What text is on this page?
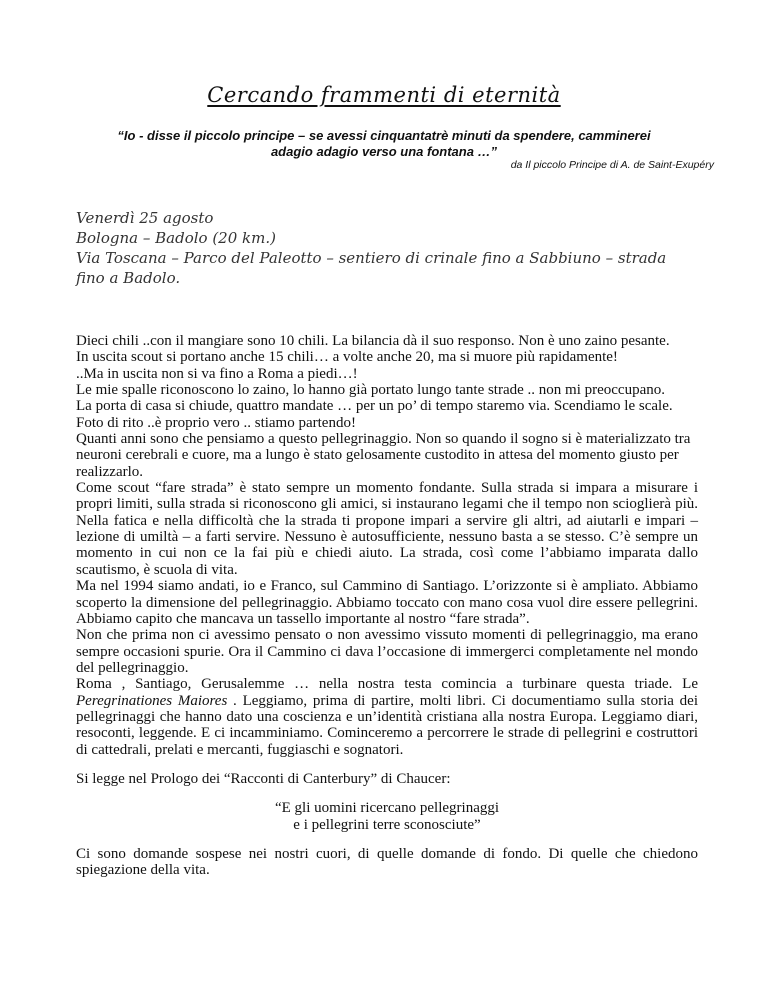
Cercando frammenti di eternità
“Io - disse il piccolo principe – se avessi cinquantatrè minuti da spendere, camminerei
adagio adagio verso una fontana …”
da Il piccolo Principe di A. de Saint-Exupéry
Venerdì 25 agosto
Bologna – Badolo (20 km.)
Via Toscana – Parco del Paleotto – sentiero di crinale fino a Sabbiuno – strada
fino a Badolo.

Dieci chili ..con il mangiare sono 10 chili. La bilancia dà il suo responso. Non è uno zaino pesante.

In uscita scout si portano anche 15 chili… a volte anche 20, ma si muore più rapidamente!

..Ma in uscita non si va fino a Roma a piedi…!

Le mie spalle riconoscono lo zaino, lo hanno già portato lungo tante strade .. non mi preoccupano.

La porta di casa si chiude, quattro mandate … per un po’ di tempo staremo via. Scendiamo le scale.

Foto di rito ..è proprio vero .. stiamo partendo!

Quanti anni sono che pensiamo a questo pellegrinaggio. Non so quando il sogno si è materializzato tra neuroni cerebrali e cuore, ma a lungo è stato gelosamente custodito in attesa del momento giusto per realizzarlo.

Come scout “fare strada” è stato sempre un momento fondante. Sulla strada si impara a misurare i propri limiti, sulla strada si riconoscono gli amici, si instaurano legami che il tempo non scioglierà più. Nella fatica e nella difficoltà che la strada ti propone impari a servire gli altri, ad aiutarli e impari –lezione di umiltà – a farti servire. Nessuno è autosufficiente, nessuno basta a se stesso. C’è sempre un momento in cui non ce la fai più e chiedi aiuto. La strada, così come l’abbiamo imparata dallo scautismo, è scuola di vita.

Ma nel 1994 siamo andati, io e Franco, sul Cammino di Santiago. L’orizzonte si è ampliato. Abbiamo scoperto la dimensione del pellegrinaggio. Abbiamo toccato con mano cosa vuol dire essere pellegrini. Abbiamo capito che mancava un tassello importante al nostro “fare strada”.

Non che prima non ci avessimo pensato o non avessimo vissuto momenti di pellegrinaggio, ma erano sempre occasioni spurie. Ora il Cammino ci dava l’occasione di immergerci completamente nel mondo del pellegrinaggio.

Roma , Santiago, Gerusalemme … nella nostra testa comincia a turbinare questa triade. Le Peregrinationes Maiores . Leggiamo, prima di partire, molti libri. Ci documentiamo sulla storia dei pellegrinaggi che hanno dato una coscienza e un’identità cristiana alla nostra Europa. Leggiamo diari, resoconti, leggende. E ci incamminiamo. Cominceremo a percorrere le strade di pellegrini e costruttori di cattedrali, prelati e mercanti, fuggiaschi e sognatori.

Si legge nel Prologo dei “Racconti di Canterbury” di Chaucer:

“E gli uomini ricercano pellegrinaggi

e i pellegrini terre sconosciute”

Ci sono domande sospese nei nostri cuori, di quelle domande di fondo. Di quelle che chiedono spiegazione della vita.
